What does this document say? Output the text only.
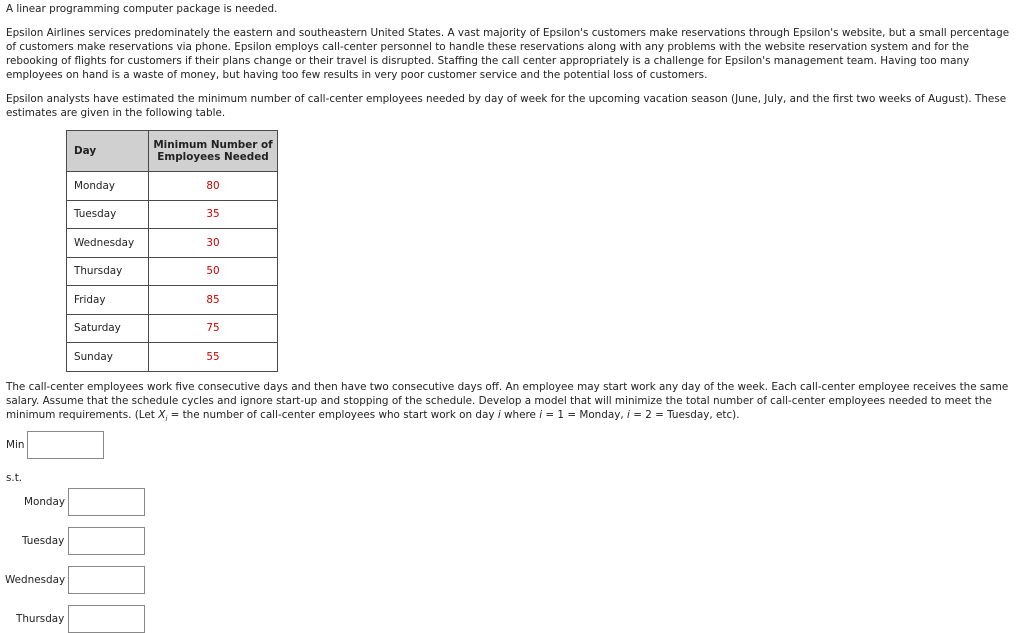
A linear programming computer package is needed.

Epsilon Airlines services predominately the eastern and southeastern United States. A vast majority of Epsilon's customers make reservations through Epsilon's website, but a small percentage of customers make reservations via phone. Epsilon employs call-center personnel to handle these reservations along with any problems with the website reservation system and for the rebooking of flights for customers if their plans change or their travel is disrupted. Staffing the call center appropriately is a challenge for Epsilon's management team. Having too many employees on hand is a waste of money, but having too few results in very poor customer service and the potential loss of customers.

Epsilon analysts have estimated the minimum number of call-center employees needed by day of week for the upcoming vacation season (June, July, and the first two weeks of August). These estimates are given in the following table.

Day	Minimum Number of Employees Needed
Monday	80
Tuesday	35
Wednesday	30
Thursday	50
Friday	85
Saturday	75
Sunday	55

The call-center employees work five consecutive days and then have two consecutive days off. An employee may start work any day of the week. Each call-center employee receives the same salary. Assume that the schedule cycles and ignore start-up and stopping of the schedule. Develop a model that will minimize the total number of call-center employees needed to meet the minimum requirements. (Let $X_i$ = the number of call-center employees who start work on day i where i = 1 = Monday, i = 2 = Tuesday, etc).

Min
s.t.
Monday
Tuesday
Wednesday
Thursday
